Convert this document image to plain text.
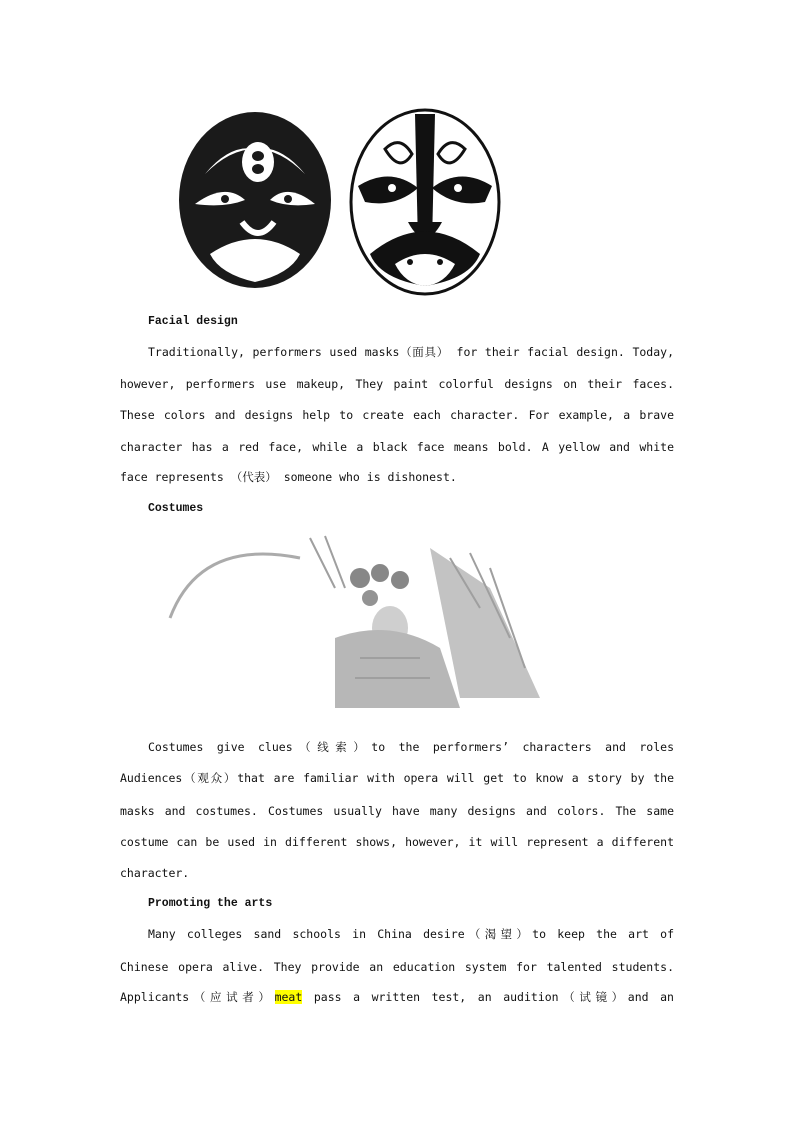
Facial design
Traditionally, performers used masks（面具） for their facial design. Today,
however, performers use makeup, They paint colorful designs on their faces.
These colors and designs help to create each character. For example, a brave
character has a red face, while a black face means bold. A yellow and white
face represents （代表） someone who is dishonest.
Costumes
Costumes give clues（线索）to the performers’ characters and roles
Audiences（观众）that are familiar with opera will get to know a story by the
masks and costumes. Costumes usually have many designs and colors. The same
costume can be used in different shows, however, it will represent a different
character.
Promoting the arts
Many colleges sand schools in China desire（渴望）to keep the art of
Chinese opera alive. They provide an education system for talented students.
Applicants（应试者）meat pass a written test, an audition（试镜）and an
